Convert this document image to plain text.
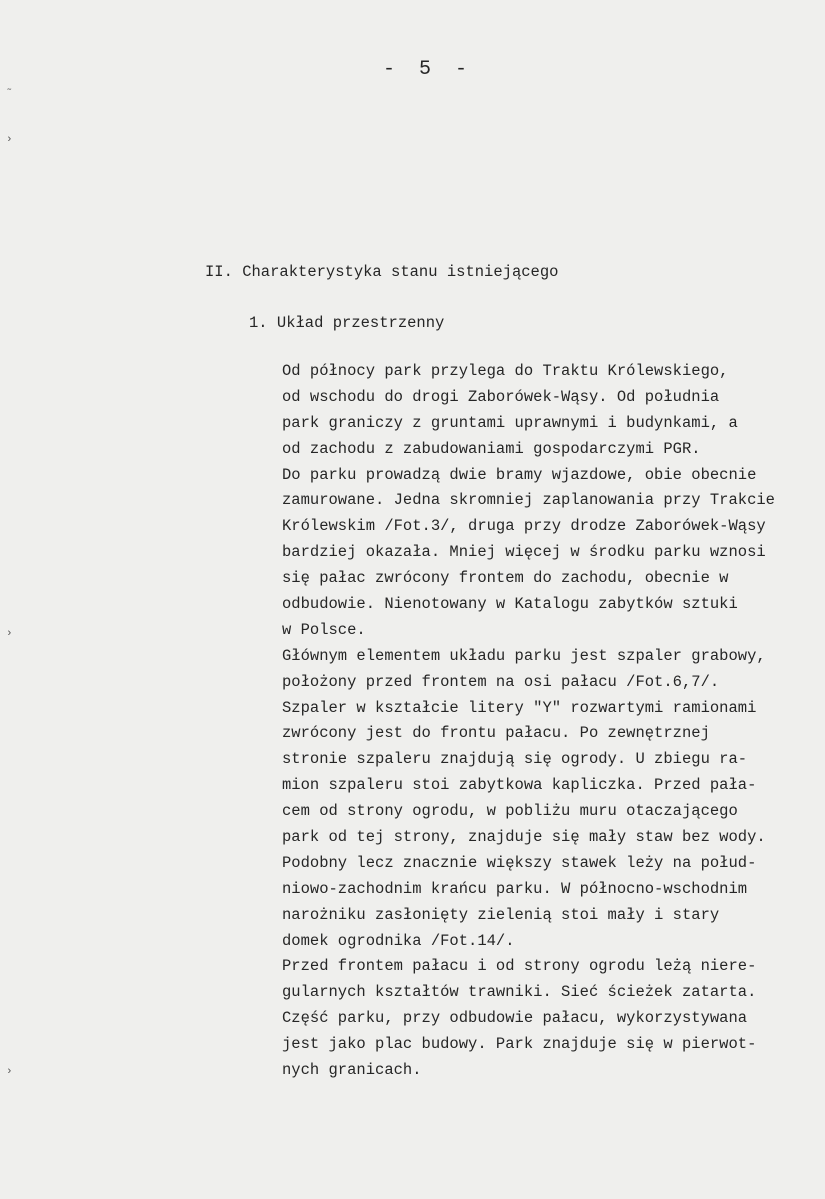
- 5 -
II. Charakterystyka stanu istniejącego
1. Układ przestrzenny
Od północy park przylega do Traktu Królewskiego,
od wschodu do drogi Zaborówek-Wąsy. Od południa
park graniczy z gruntami uprawnymi i budynkami, a
od zachodu z zabudowaniami gospodarczymi PGR.
Do parku prowadzą dwie bramy wjazdowe, obie obecnie
zamurowane. Jedna skromniej zaplanowania przy Trakcie
Królewskim /Fot.3/, druga przy drodze Zaborówek-Wąsy
bardziej okazała. Mniej więcej w środku parku wznosi
się pałac zwrócony frontem do zachodu, obecnie w
odbudowie. Nienotowany w Katalogu zabytków sztuki
w Polsce.
Głównym elementem układu parku jest szpaler grabowy,
położony przed frontem na osi pałacu /Fot.6,7/.
Szpaler w kształcie litery "Y" rozwartymi ramionami
zwrócony jest do frontu pałacu. Po zewnętrznej
stronie szpaleru znajdują się ogrody. U zbiegu ra-
mion szpaleru stoi zabytkowa kapliczka. Przed pała-
cem od strony ogrodu, w pobliżu muru otaczającego
park od tej strony, znajduje się mały staw bez wody.
Podobny lecz znacznie większy stawek leży na połud-
niowo-zachodnim krańcu parku. W północno-wschodnim
narożniku zasłonięty zielenią stoi mały i stary
domek ogrodnika /Fot.14/.
Przed frontem pałacu i od strony ogrodu leżą niere-
gularnych kształtów trawniki. Sieć ścieżek zatarta.
Część parku, przy odbudowie pałacu, wykorzystywana
jest jako plac budowy. Park znajduje się w pierwot-
nych granicach.
˜
›
›
›
